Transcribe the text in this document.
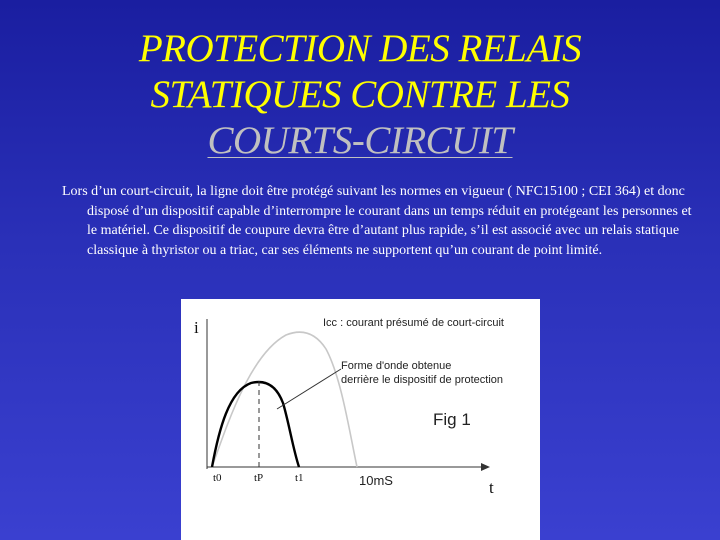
PROTECTION DES RELAIS
STATIQUES CONTRE LES
COURTS-CIRCUIT
Lors d’un court-circuit, la ligne doit être protégé suivant les normes en vigueur ( NFC15100 ; CEI 364) et donc disposé d’un dispositif capable d’interrompre le courant dans un temps réduit en protégeant les personnes et le matériel. Ce dispositif de coupure devra être d’autant plus rapide, s’il est associé avec un relais statique classique à thyristor ou a triac, car ses éléments ne supportent qu’un courant de point limité.
i
t
Icc : courant présumé de court-circuit
Forme d'onde obtenue
derrière le dispositif de protection
Fig 1
t0	tP	t1	10mS
